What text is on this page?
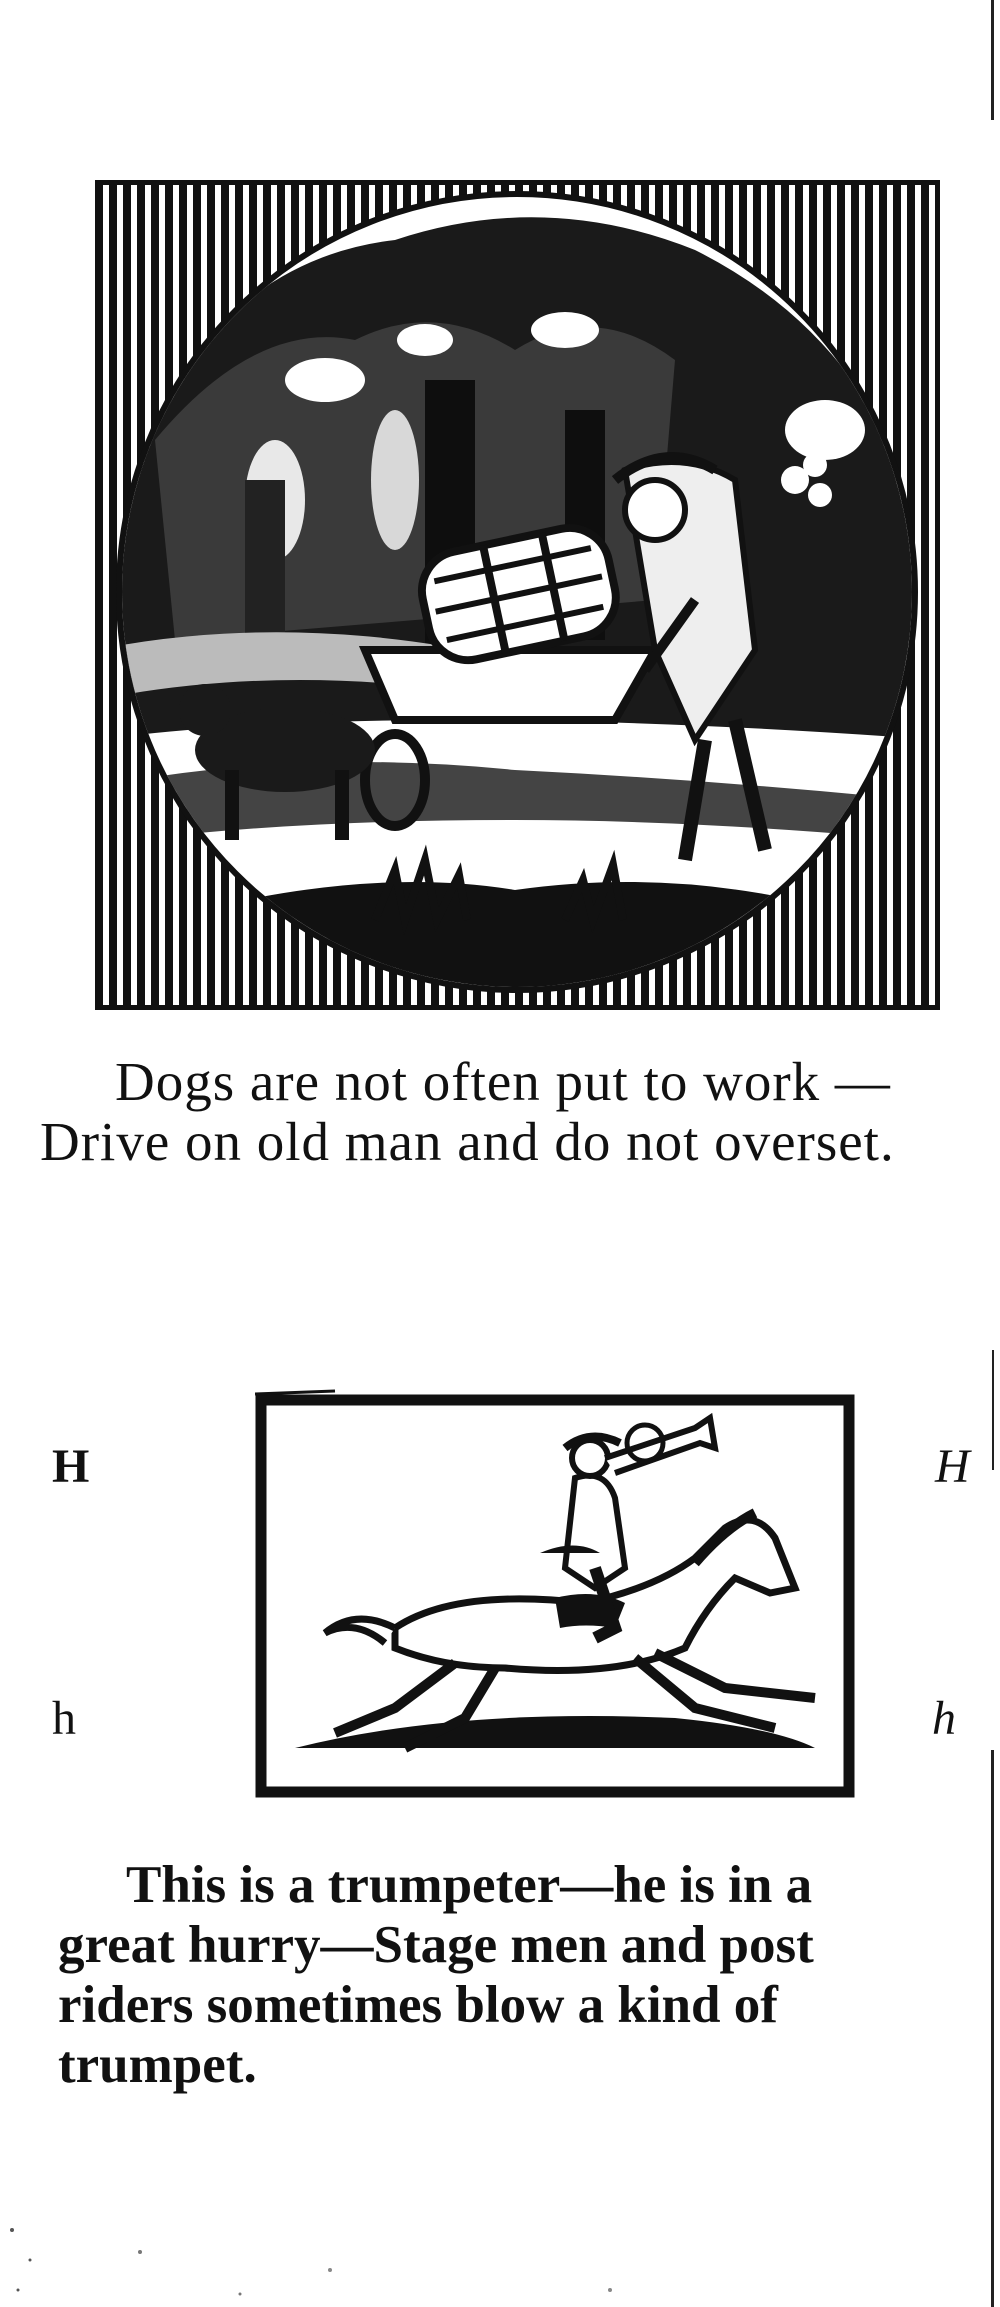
Dogs are not often put to work —
Drive on old man and do not overset.
H	H
h	h
This is a trumpeter—he is in a
great hurry—Stage men and post
riders sometimes blow a kind of
trumpet.
